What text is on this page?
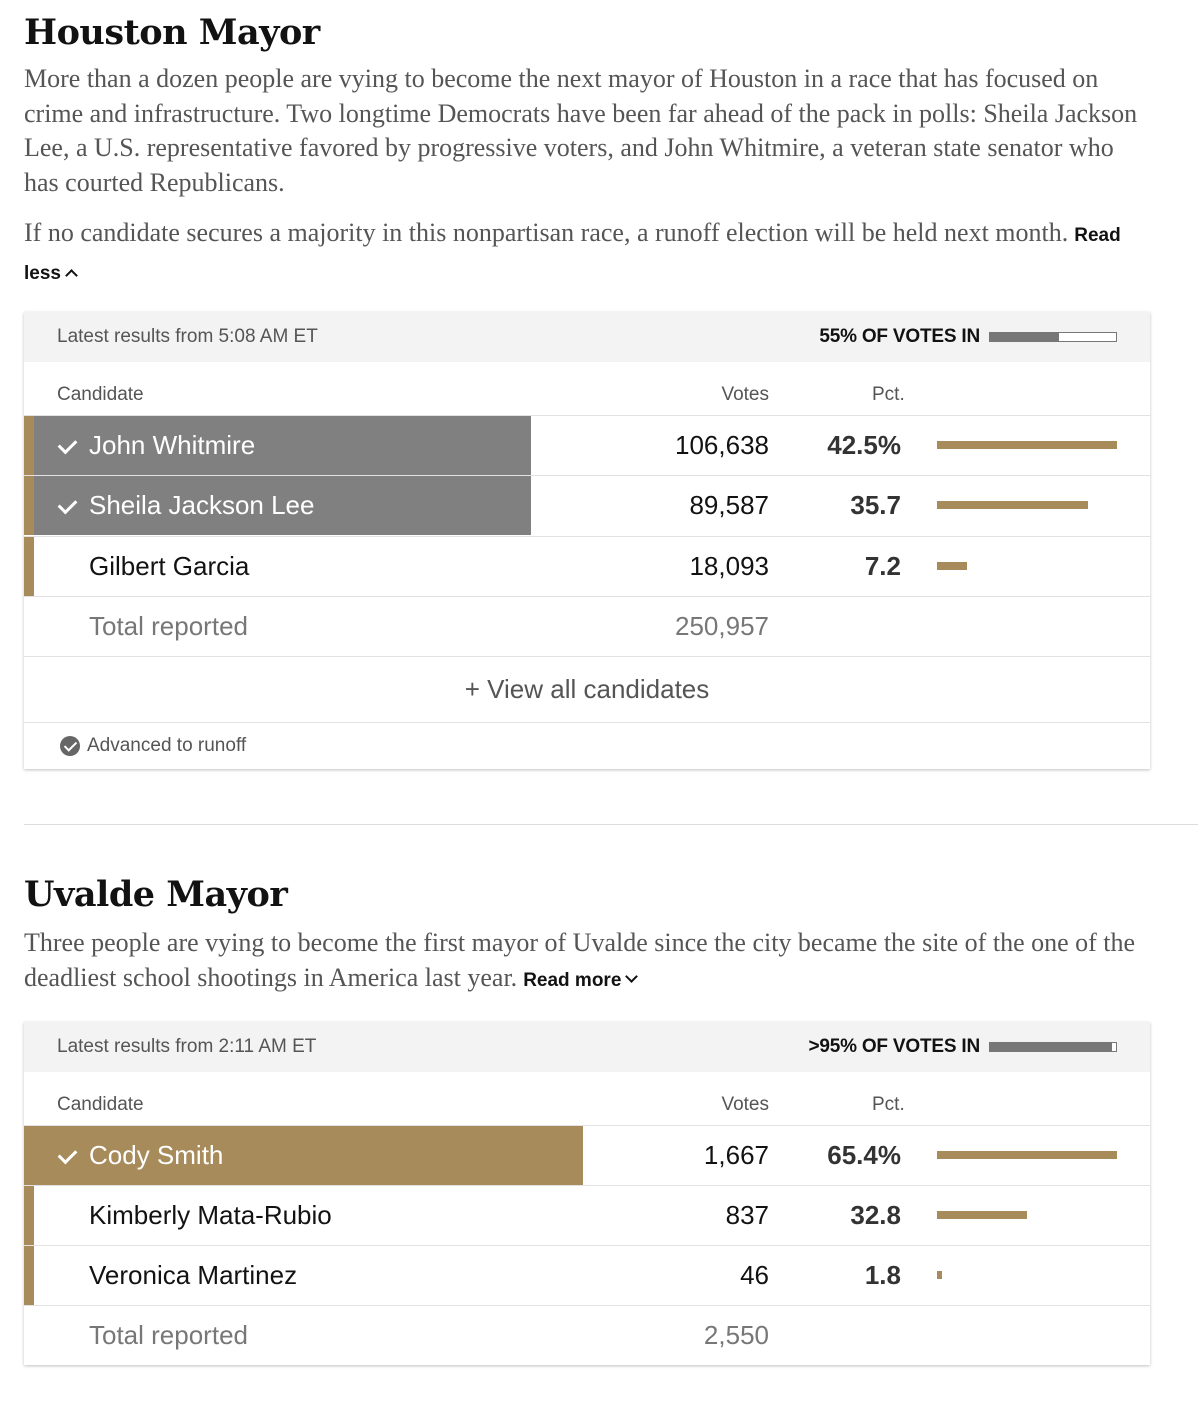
Houston Mayor

More than a dozen people are vying to become the next mayor of Houston in a race that has focused on crime and infrastructure. Two longtime Democrats have been far ahead of the pack in polls: Sheila Jackson Lee, a U.S. representative favored by progressive voters, and John Whitmire, a veteran state senator who has courted Republicans.

If no candidate secures a majority in this nonpartisan race, a runoff election will be held next month. Read less

Latest results from 5:08 AM ET	55% OF VOTES IN
Candidate	Votes	Pct.
John Whitmire	106,638 42.5%
Sheila Jackson Lee	89,587	35.7
Gilbert Garcia	18,093	7.2
Total reported	250,957
+ View all candidates
Advanced to runoff
Uvalde Mayor

Three people are vying to become the first mayor of Uvalde since the city became the site of the one of the deadliest school shootings in America last year. Read more

Latest results from 2:11 AM ET	>95% OF VOTES IN
Candidate	Votes	Pct.
Cody Smith	1,667 65.4%
Kimberly Mata-Rubio	837	32.8
Veronica Martinez	46	1.8
Total reported	2,550
